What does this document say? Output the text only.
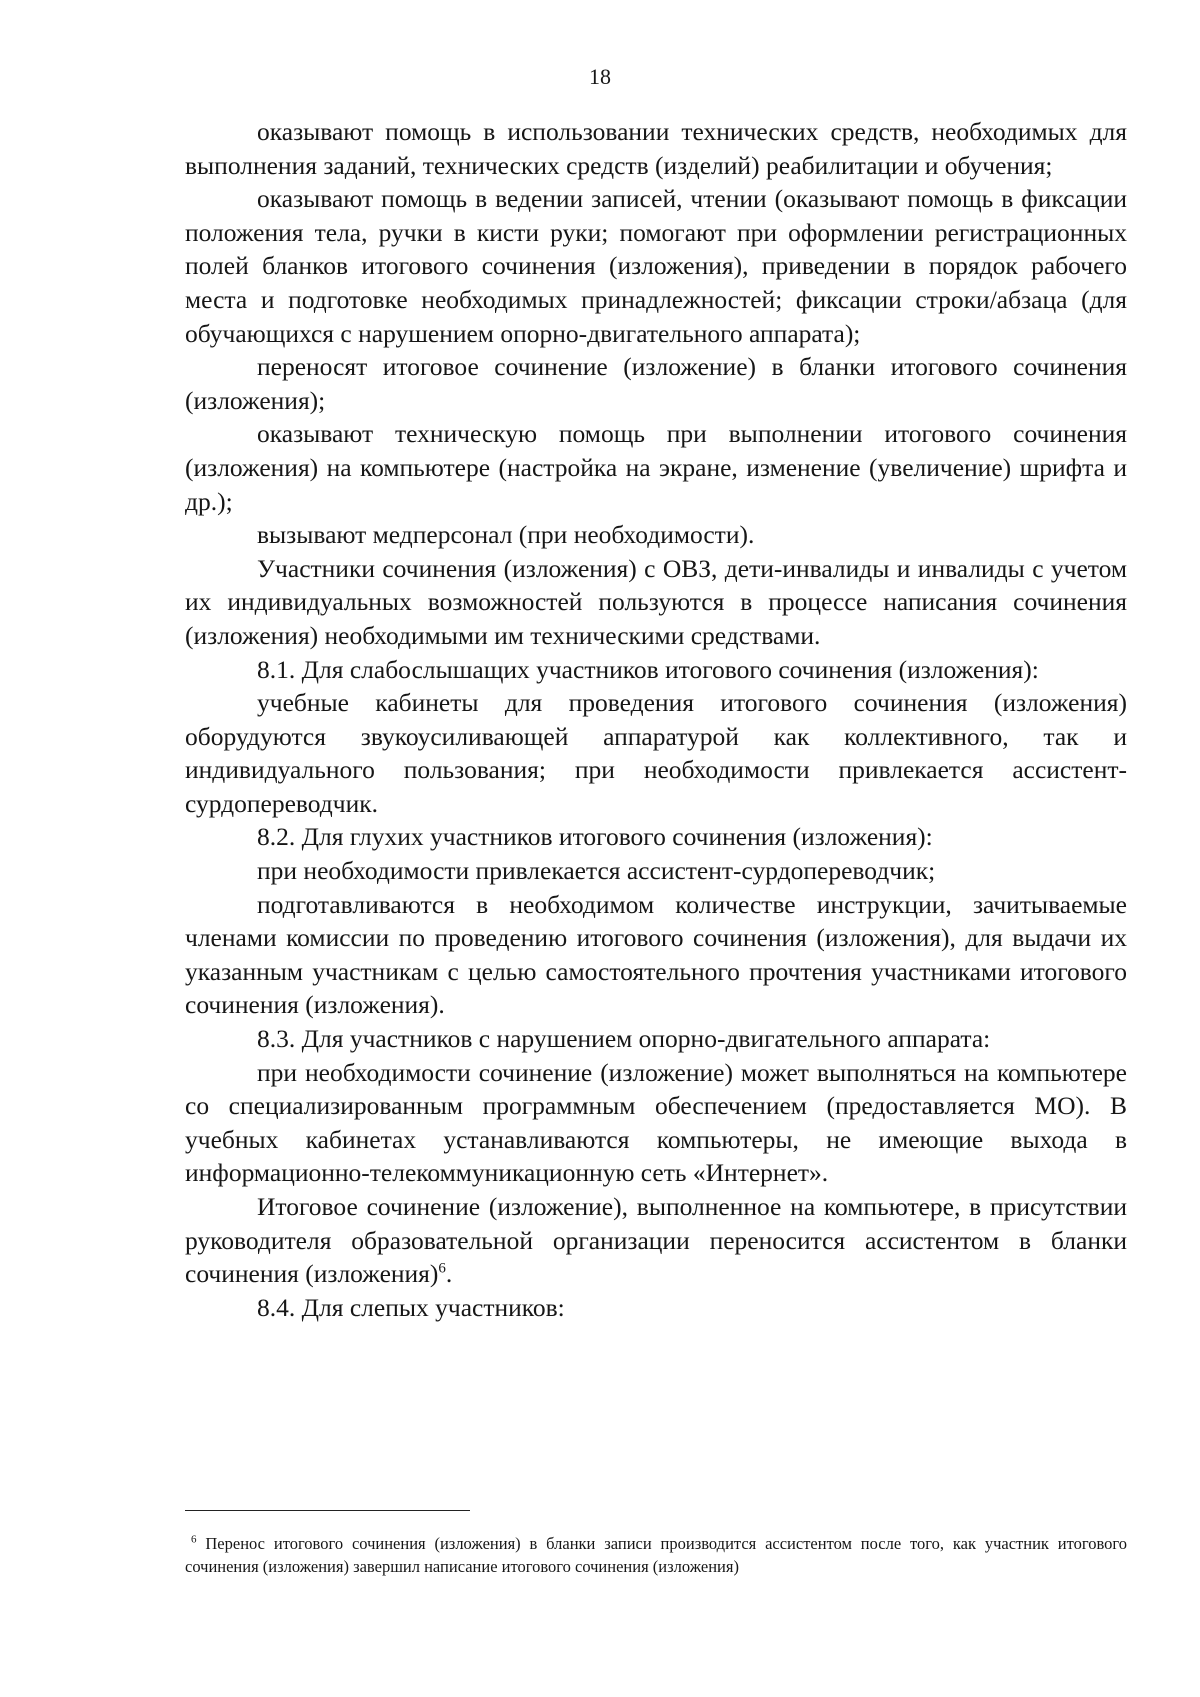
18

оказывают помощь в использовании технических средств, необходимых для выполнения заданий, технических средств (изделий) реабилитации и обучения;

оказывают помощь в ведении записей, чтении (оказывают помощь в фиксации положения тела, ручки в кисти руки; помогают при оформлении регистрационных полей бланков итогового сочинения (изложения), приведении в порядок рабочего места и подготовке необходимых принадлежностей; фиксации строки/абзаца (для обучающихся с нарушением опорно-двигательного аппарата);

переносят итоговое сочинение (изложение) в бланки итогового сочинения (изложения);

оказывают техническую помощь при выполнении итогового сочинения (изложения) на компьютере (настройка на экране, изменение (увеличение) шрифта и др.);

вызывают медперсонал (при необходимости).

Участники сочинения (изложения) с ОВЗ, дети-инвалиды и инвалиды с учетом их индивидуальных возможностей пользуются в процессе написания сочинения (изложения) необходимыми им техническими средствами.

8.1. Для слабослышащих участников итогового сочинения (изложения):

учебные кабинеты для проведения итогового сочинения (изложения) оборудуются звукоусиливающей аппаратурой как коллективного, так и индивидуального пользования; при необходимости привлекается ассистент-сурдопереводчик.

8.2. Для глухих участников итогового сочинения (изложения):

при необходимости привлекается ассистент-сурдопереводчик;

подготавливаются в необходимом количестве инструкции, зачитываемые членами комиссии по проведению итогового сочинения (изложения), для выдачи их указанным участникам с целью самостоятельного прочтения участниками итогового сочинения (изложения).

8.3. Для участников с нарушением опорно-двигательного аппарата:

при необходимости сочинение (изложение) может выполняться на компьютере со специализированным программным обеспечением (предоставляется МО). В учебных кабинетах устанавливаются компьютеры, не имеющие выхода в информационно-телекоммуникационную сеть «Интернет».

Итоговое сочинение (изложение), выполненное на компьютере, в присутствии руководителя образовательной организации переносится ассистентом в бланки сочинения (изложения)$^6$.

8.4. Для слепых участников:

$^6$ Перенос итогового сочинения (изложения) в бланки записи производится ассистентом после того, как участник итогового сочинения (изложения) завершил написание итогового сочинения (изложения)
